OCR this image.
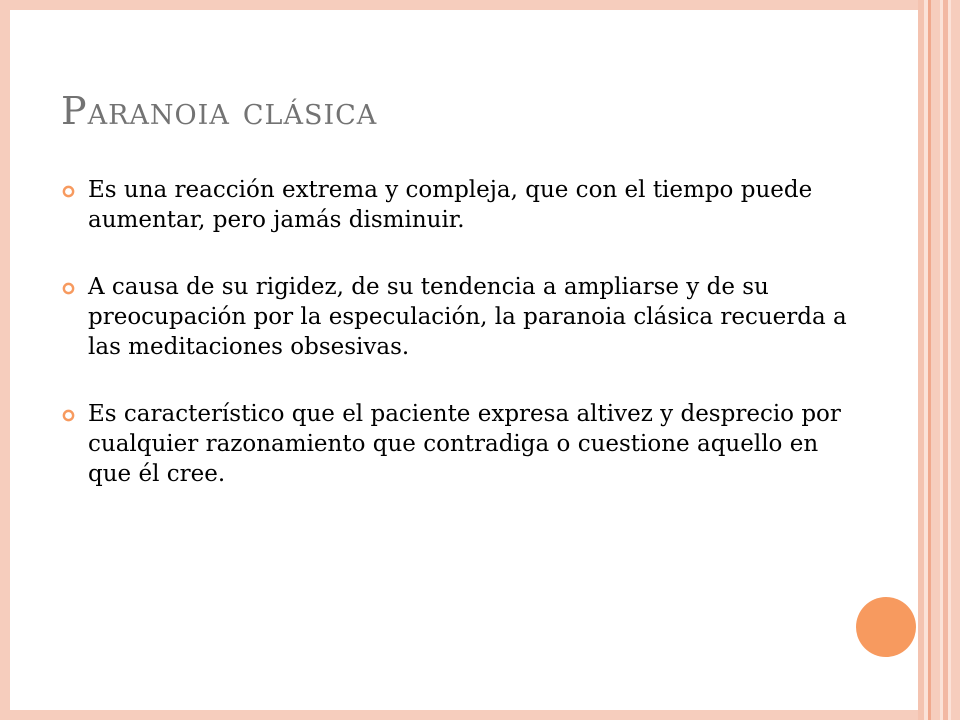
Paranoia clásica
Es una reacción extrema y compleja, que con el tiempo puede aumentar, pero jamás disminuir.
A causa de su rigidez, de su tendencia a ampliarse y de su preocupación por la especulación, la paranoia clásica recuerda a las meditaciones obsesivas.
Es característico que el paciente expresa altivez y desprecio por cualquier razonamiento que contradiga o cuestione aquello en que él cree.
